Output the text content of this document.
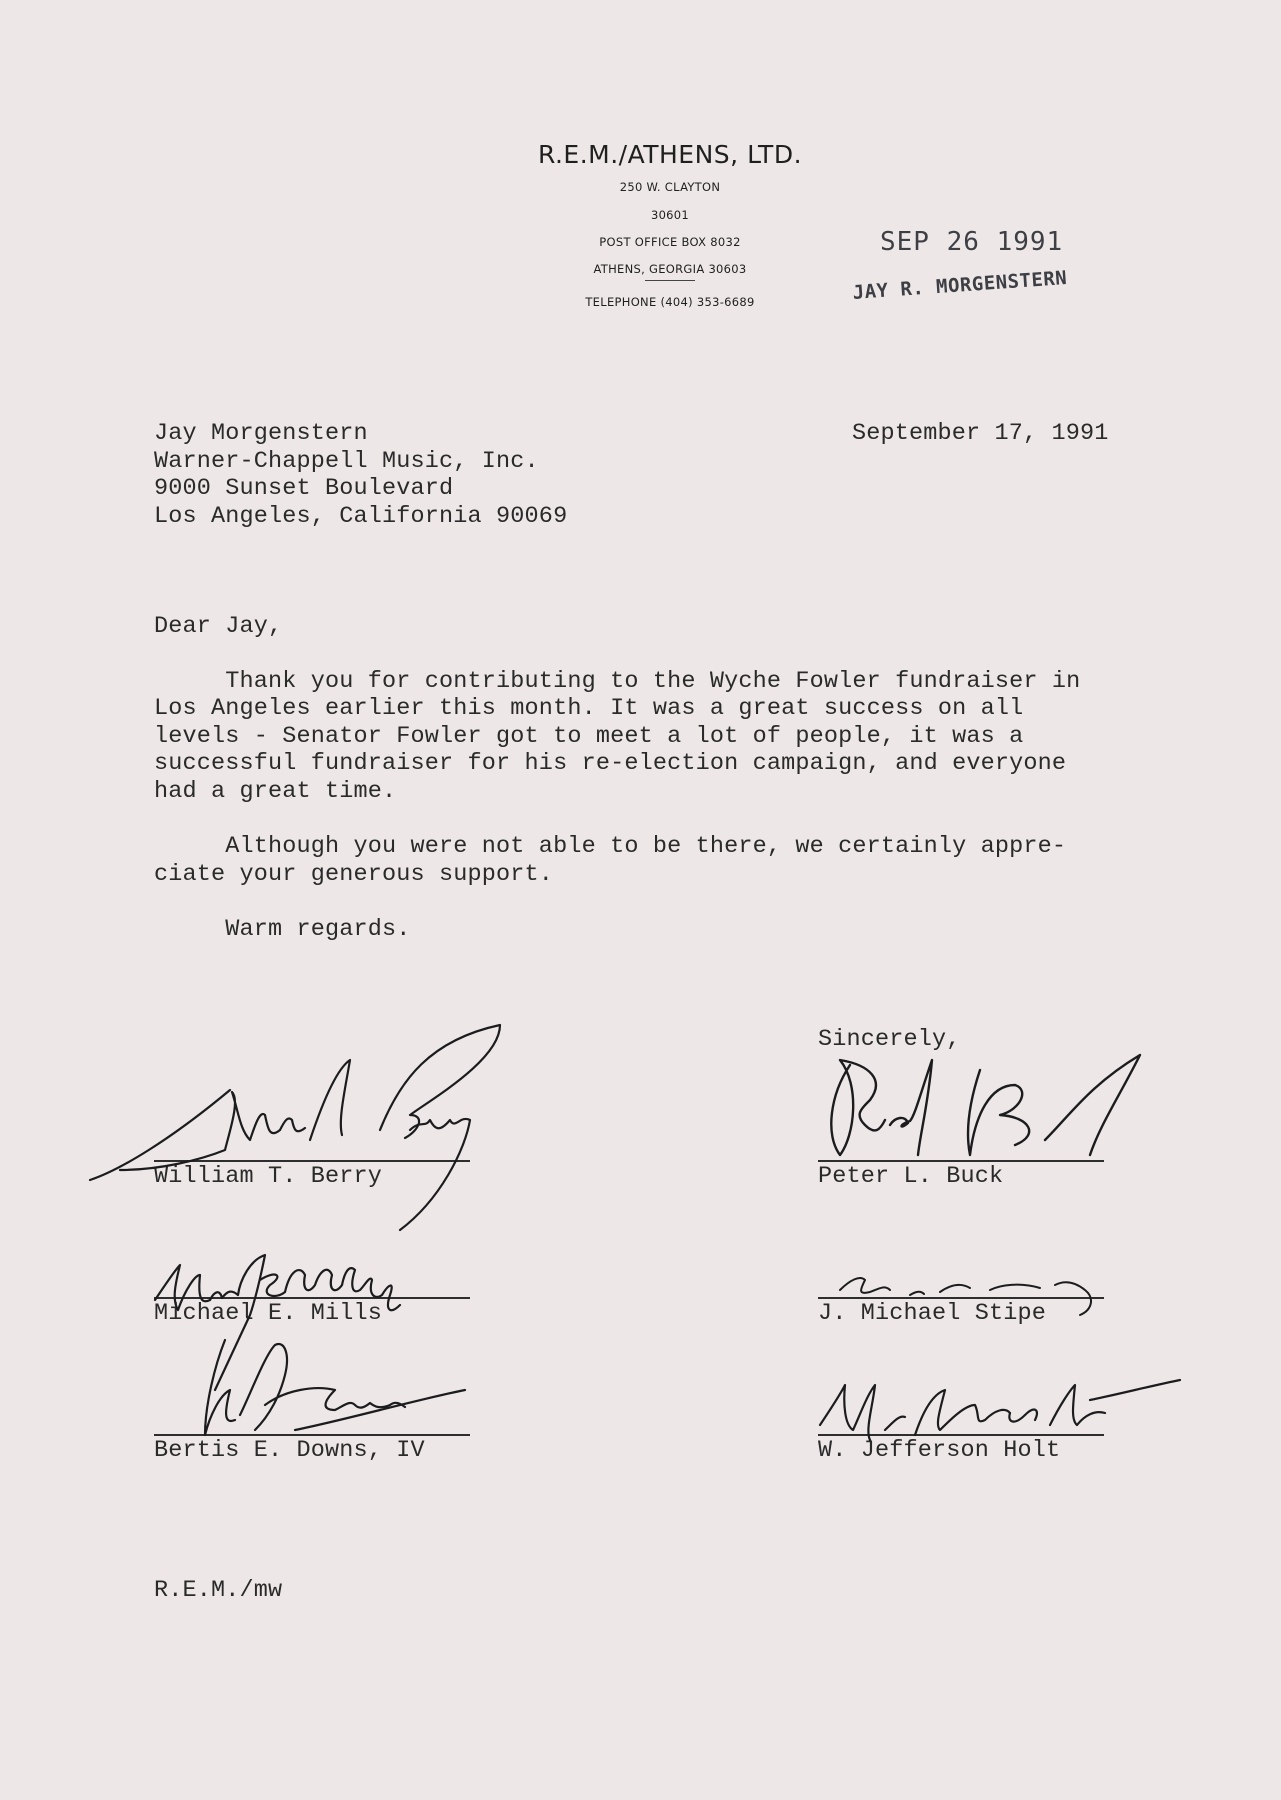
R.E.M./ATHENS, LTD.
250 W. CLAYTON
30601
POST OFFICE BOX 8032
ATHENS, GEORGIA 30603
TELEPHONE (404) 353-6689
SEP 26 1991
JAY R. MORGENSTERN
September 17, 1991
Jay Morgenstern
Warner-Chappell Music, Inc.
9000 Sunset Boulevard
Los Angeles, California 90069
Dear Jay,
Thank you for contributing to the Wyche Fowler fundraiser in
Los Angeles earlier this month. It was a great success on all
levels - Senator Fowler got to meet a lot of people, it was a
successful fundraiser for his re-election campaign, and everyone
had a great time.
Although you were not able to be there, we certainly appre-
ciate your generous support.
Warm regards.
Sincerely,
William T. Berry	Peter L. Buck
Michael E. Mills	J. Michael Stipe
Bertis E. Downs, IV	W. Jefferson Holt
R.E.M./mw
